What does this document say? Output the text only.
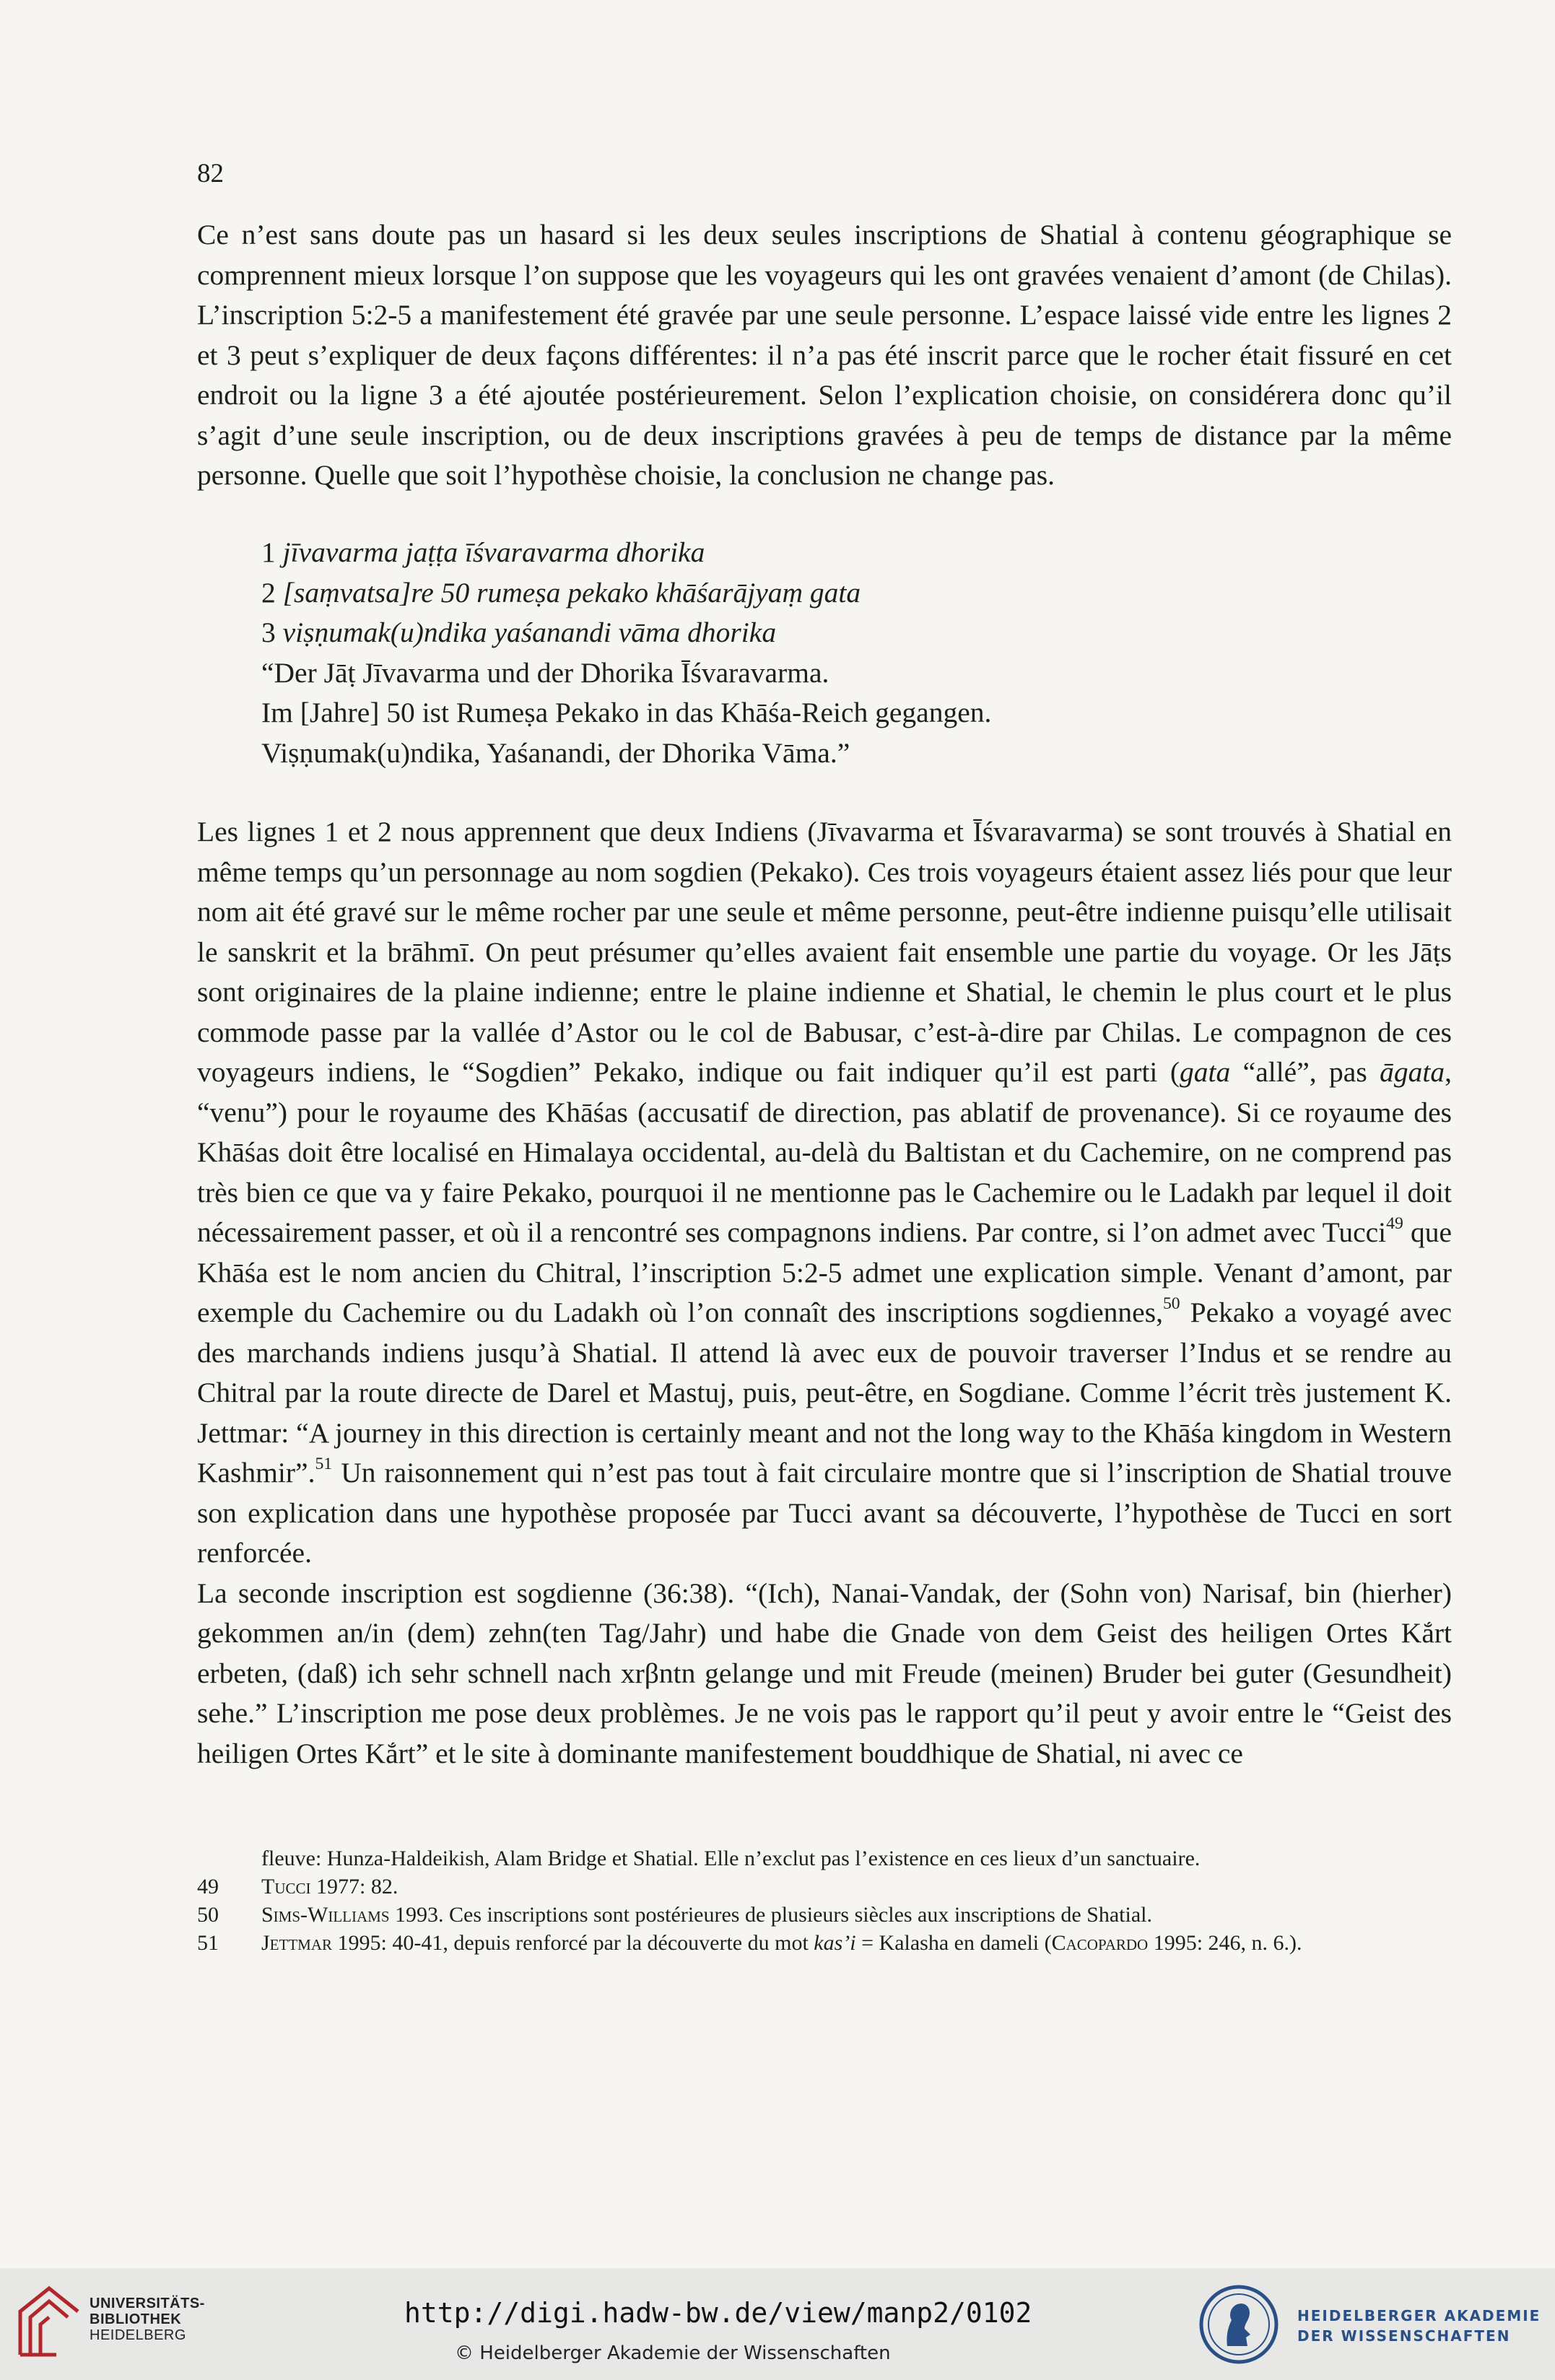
82

Ce n’est sans doute pas un hasard si les deux seules inscriptions de Shatial à contenu géographique se comprennent mieux lorsque l’on suppose que les voyageurs qui les ont gravées venaient d’amont (de Chilas). L’inscription 5:2-5 a manifestement été gravée par une seule personne. L’espace laissé vide entre les lignes 2 et 3 peut s’expliquer de deux façons différentes: il n’a pas été inscrit parce que le rocher était fissuré en cet endroit ou la ligne 3 a été ajoutée postérieurement. Selon l’explication choisie, on considérera donc qu’il s’agit d’une seule inscription, ou de deux inscriptions gravées à peu de temps de distance par la même personne. Quelle que soit l’hypothèse choisie, la conclusion ne change pas.

1 jīvavarma jaṭṭa īśvaravarma dhorika
2 [saṃvatsa]re 50 rumeṣa pekako khāśarājyaṃ gata
3 viṣṇumak(u)ndika yaśanandi vāma dhorika
“Der Jāṭ Jīvavarma und der Dhorika Īśvaravarma.
Im [Jahre] 50 ist Rumeṣa Pekako in das Khāśa-Reich gegangen.
Viṣṇumak(u)ndika, Yaśanandi, der Dhorika Vāma.”

Les lignes 1 et 2 nous apprennent que deux Indiens (Jīvavarma et Īśvaravarma) se sont trouvés à Shatial en même temps qu’un personnage au nom sogdien (Pekako). Ces trois voyageurs étaient assez liés pour que leur nom ait été gravé sur le même rocher par une seule et même personne, peut-être indienne puisqu’elle utilisait le sanskrit et la brāhmī. On peut présumer qu’elles avaient fait ensemble une partie du voyage. Or les Jāṭs sont originaires de la plaine indienne; entre le plaine indienne et Shatial, le chemin le plus court et le plus commode passe par la vallée d’Astor ou le col de Babusar, c’est-à-dire par Chilas. Le compagnon de ces voyageurs indiens, le “Sogdien” Pekako, indique ou fait indiquer qu’il est parti (gata “allé”, pas āgata, “venu”) pour le royaume des Khāśas (accusatif de direction, pas ablatif de provenance). Si ce royaume des Khāśas doit être localisé en Himalaya occidental, au-delà du Baltistan et du Cachemire, on ne comprend pas très bien ce que va y faire Pekako, pourquoi il ne mentionne pas le Cachemire ou le Ladakh par lequel il doit nécessairement passer, et où il a rencontré ses compagnons indiens. Par contre, si l’on admet avec Tucci$^{49}$ que Khāśa est le nom ancien du Chitral, l’inscription 5:2-5 admet une explication simple. Venant d’amont, par exemple du Cachemire ou du Ladakh où l’on connaît des inscriptions sogdiennes,$^{50}$ Pekako a voyagé avec des marchands indiens jusqu’à Shatial. Il attend là avec eux de pouvoir traverser l’Indus et se rendre au Chitral par la route directe de Darel et Mastuj, puis, peut-être, en Sogdiane. Comme l’écrit très justement K. Jettmar: “A journey in this direction is certainly meant and not the long way to the Khāśa kingdom in Western Kashmir”.$^{51}$ Un raisonnement qui n’est pas tout à fait circulaire montre que si l’inscription de Shatial trouve son explication dans une hypothèse proposée par Tucci avant sa découverte, l’hypothèse de Tucci en sort renforcée.

La seconde inscription est sogdienne (36:38). “(Ich), Nanai-Vandak, der (Sohn von) Narisaf, bin (hierher) gekommen an/in (dem) zehn(ten Tag/Jahr) und habe die Gnade von dem Geist des heiligen Ortes Kắrt erbeten, (daß) ich sehr schnell nach xrβntn gelange und mit Freude (meinen) Bruder bei guter (Gesundheit) sehe.” L’inscription me pose deux problèmes. Je ne vois pas le rapport qu’il peut y avoir entre le “Geist des heiligen Ortes Kắrt” et le site à dominante manifestement bouddhique de Shatial, ni avec ce

fleuve: Hunza-Haldeikish, Alam Bridge et Shatial. Elle n’exclut pas l’existence en ces lieux d’un sanctuaire.
49	Tucci 1977: 82.
50	Sims-Williams 1993. Ces inscriptions sont postérieures de plusieurs siècles aux inscriptions de Shatial.
51	Jettmar 1995: 40-41, depuis renforcé par la découverte du mot kas’i = Kalasha en dameli (Cacopardo 1995: 246, n. 6.).
UNIVERSITÄTS-
BIBLIOTHEK
HEIDELBERG
http://digi.hadw-bw.de/view/manp2/0102
© Heidelberger Akademie der Wissenschaften
HEIDELBERGER AKADEMIE
DER WISSENSCHAFTEN
